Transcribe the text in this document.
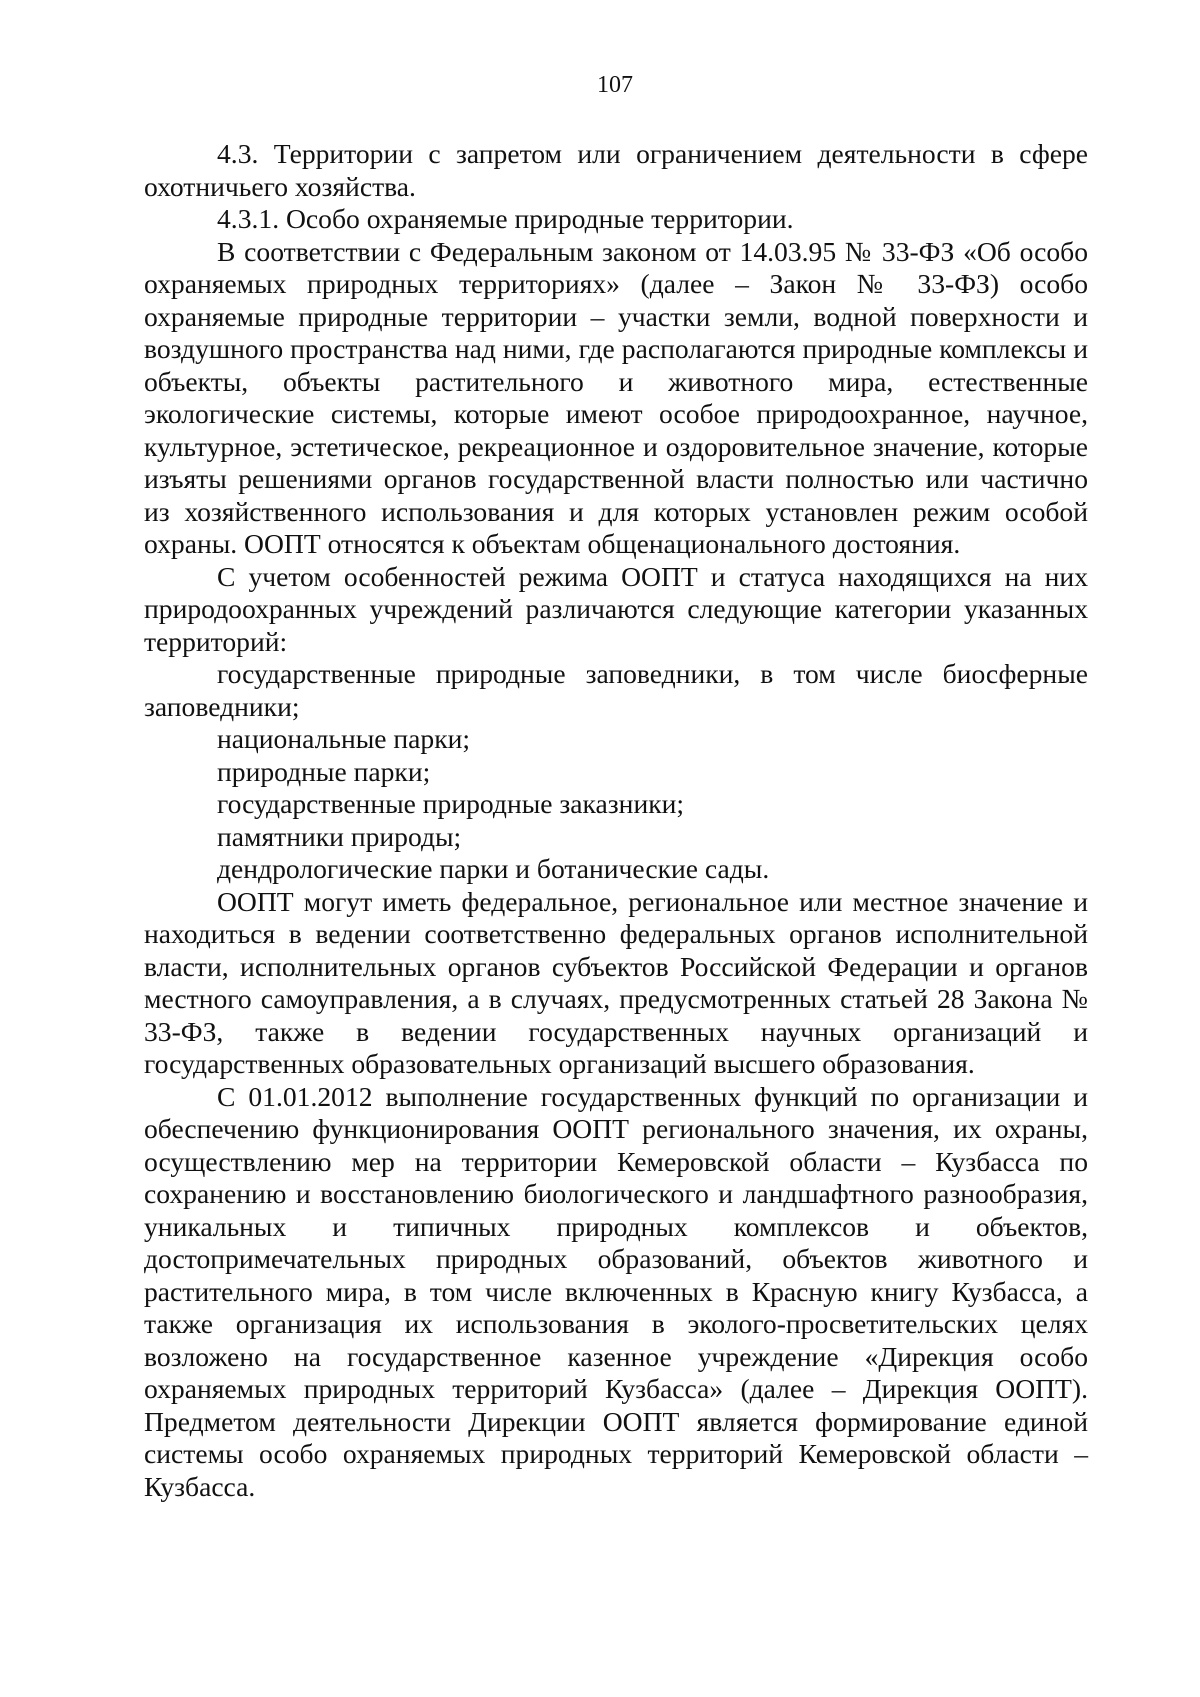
107

4.3. Территории с запретом или ограничением деятельности в сфере охотничьего хозяйства.

4.3.1. Особо охраняемые природные территории.

В соответствии с Федеральным законом от 14.03.95 № 33-ФЗ «Об особо охраняемых природных территориях» (далее – Закон № 33-ФЗ) особо охраняемые природные территории – участки земли, водной поверхности и воздушного пространства над ними, где располагаются природные комплексы и объекты, объекты растительного и животного мира, естественные экологические системы, которые имеют особое природоохранное, научное, культурное, эстетическое, рекреационное и оздоровительное значение, которые изъяты решениями органов государственной власти полностью или частично из хозяйственного использования и для которых установлен режим особой охраны. ООПТ относятся к объектам общенационального достояния.

С учетом особенностей режима ООПТ и статуса находящихся на них природоохранных учреждений различаются следующие категории указанных территорий:

государственные природные заповедники, в том числе биосферные заповедники;

национальные парки;

природные парки;

государственные природные заказники;

памятники природы;

дендрологические парки и ботанические сады.

ООПТ могут иметь федеральное, региональное или местное значение и находиться в ведении соответственно федеральных органов исполнительной власти, исполнительных органов субъектов Российской Федерации и органов местного самоуправления, а в случаях, предусмотренных статьей 28 Закона № 33-ФЗ, также в ведении государственных научных организаций и государственных образовательных организаций высшего образования.

С 01.01.2012 выполнение государственных функций по организации и обеспечению функционирования ООПТ регионального значения, их охраны, осуществлению мер на территории Кемеровской области – Кузбасса по сохранению и восстановлению биологического и ландшафтного разнообразия, уникальных и типичных природных комплексов и объектов, достопримечательных природных образований, объектов животного и растительного мира, в том числе включенных в Красную книгу Кузбасса, а также организация их использования в эколого-просветительских целях возложено на государственное казенное учреждение «Дирекция особо охраняемых природных территорий Кузбасса» (далее – Дирекция ООПТ). Предметом деятельности Дирекции ООПТ является формирование единой системы особо охраняемых природных территорий Кемеровской области – Кузбасса.
